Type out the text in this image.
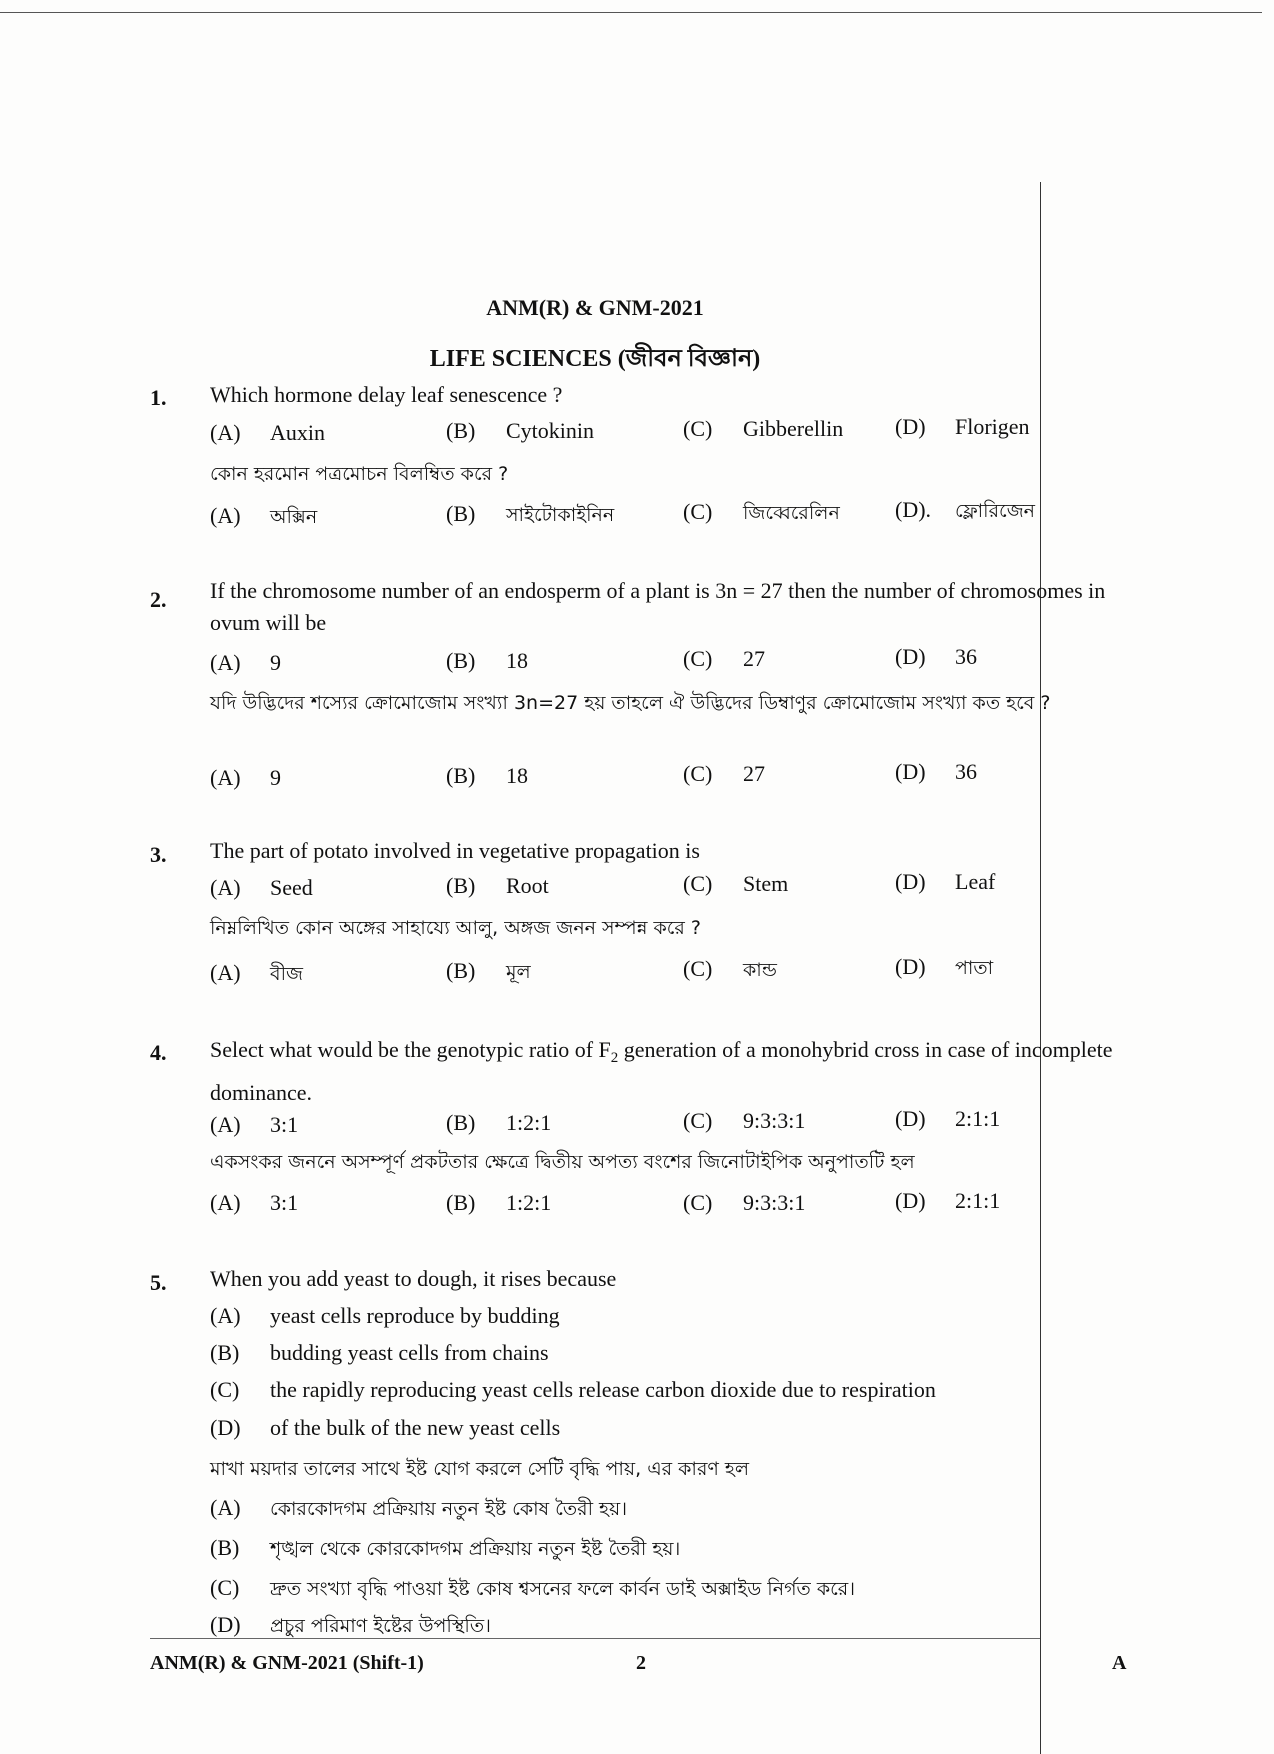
ANM(R) & GNM-2021
LIFE SCIENCES (জীবন বিজ্ঞান)
1. Which hormone delay leaf senescence ?
(A) Auxin	(B) Cytokinin	(C) Gibberellin (D) Florigen
কোন হরমোন পত্রমোচন বিলম্বিত করে ?
(A) অক্সিন	(B) সাইটোকাইনিন	(C) জিব্বেরেলিন	(D). ফ্লোরিজেন
2. If the chromosome number of an endosperm of a plant is 3n = 27 then the number of chromosomes in ovum will be
(A) 9	(B) 18	(C) 27	(D) 36
যদি উদ্ভিদের শস্যের ক্রোমোজোম সংখ্যা 3n=27 হয় তাহলে ঐ উদ্ভিদের ডিম্বাণুর ক্রোমোজোম সংখ্যা কত হবে ?
(A) 9	(B) 18	(C) 27	(D) 36
3. The part of potato involved in vegetative propagation is
(A) Seed	(B) Root	(C) Stem	(D) Leaf
নিম্নলিখিত কোন অঙ্গের সাহায্যে আলু, অঙ্গজ জনন সম্পন্ন করে ?
(A) বীজ	(B) মূল	(C) কান্ড	(D) পাতা
4. Select what would be the genotypic ratio of $F_2$ generation of a monohybrid cross in case of incomplete dominance.
(A) 3:1	(B) 1:2:1	(C) 9:3:3:1	(D) 2:1:1
একসংকর জননে অসম্পূর্ণ প্রকটতার ক্ষেত্রে দ্বিতীয় অপত্য বংশের জিনোটাইপিক অনুপাতটি হল
(A) 3:1	(B) 1:2:1	(C) 9:3:3:1	(D) 2:1:1
5. When you add yeast to dough, it rises because
(A) yeast cells reproduce by budding
(B) budding yeast cells from chains
(C) the rapidly reproducing yeast cells release carbon dioxide due to respiration
(D) of the bulk of the new yeast cells
মাখা ময়দার তালের সাথে ইষ্ট যোগ করলে সেটি বৃদ্ধি পায়, এর কারণ হল
(A) কোরকোদগম প্রক্রিয়ায় নতুন ইষ্ট কোষ তৈরী হয়।
(B) শৃঙ্খল থেকে কোরকোদগম প্রক্রিয়ায় নতুন ইষ্ট তৈরী হয়।
(C) দ্রুত সংখ্যা বৃদ্ধি পাওয়া ইষ্ট কোষ শ্বসনের ফলে কার্বন ডাই অক্সাইড নির্গত করে।
(D) প্রচুর পরিমাণ ইষ্টের উপস্থিতি।
ANM(R) & GNM-2021 (Shift-1)	2	A
